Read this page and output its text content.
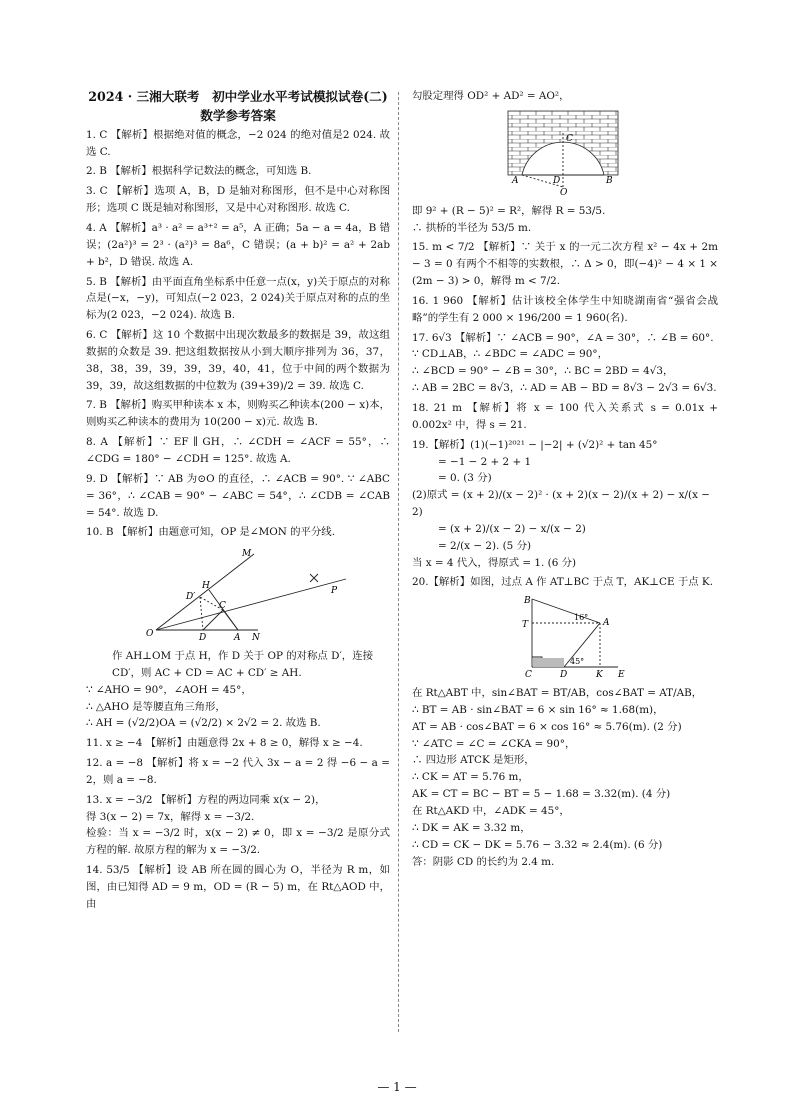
2024 · 三湘大联考　初中学业水平考试模拟试卷(二)
数学参考答案

1. C 【解析】根据绝对值的概念，−2 024 的绝对值是2 024. 故选 C.

2. B 【解析】根据科学记数法的概念，可知选 B.

3. C 【解析】选项 A，B，D 是轴对称图形，但不是中心对称图形；选项 C 既是轴对称图形，又是中心对称图形. 故选 C.

4. A 【解析】a³ · a² = a³⁺² = a⁵，A 正确；5a − a = 4a，B 错误；(2a²)³ = 2³ · (a²)³ = 8a⁶，C 错误；(a + b)² = a² + 2ab + b²，D 错误. 故选 A.

5. B 【解析】由平面直角坐标系中任意一点(x，y)关于原点的对称点是(−x，−y)，可知点(−2 023，2 024)关于原点对称的点的坐标为(2 023，−2 024). 故选 B.

6. C 【解析】这 10 个数据中出现次数最多的数据是 39，故这组数据的众数是 39. 把这组数据按从小到大顺序排列为 36，37，38，38，39，39，39，39，40，41，位于中间的两个数据为 39，39，故这组数据的中位数为 (39+39)/2 = 39. 故选 C.

7. B 【解析】购买甲种读本 x 本，则购买乙种读本(200 − x)本，则购买乙种读本的费用为 10(200 − x)元. 故选 B.

8. A 【解析】∵ EF ∥ GH，∴ ∠CDH = ∠ACF = 55°，∴ ∠CDG = 180° − ∠CDH = 125°. 故选 A.

9. D 【解析】∵ AB 为⊙O 的直径，∴ ∠ACB = 90°. ∵ ∠ABC = 36°，∴ ∠CAB = 90° − ∠ABC = 54°，∴ ∠CDB = ∠CAB = 54°. 故选 D.

10. B 【解析】由题意可知，OP 是∠MON 的平分线.

M
H
D′
C
P
O	D	A N

作 AH⊥OM 于点 H，作 D 关于 OP 的对称点 D′，连接 CD′，则 AC + CD = AC + CD′ ≥ AH.

∵ ∠AHO = 90°，∠AOH = 45°，

∴ △AHO 是等腰直角三角形，

∴ AH = (√2/2)OA = (√2/2) × 2√2 = 2. 故选 B.

11. x ≥ −4 【解析】由题意得 2x + 8 ≥ 0，解得 x ≥ −4.

12. a = −8 【解析】将 x = −2 代入 3x − a = 2 得 −6 − a = 2，则 a = −8.

13. x = −3/2 【解析】方程的两边同乘 x(x − 2)，

得 3(x − 2) = 7x，解得 x = −3/2.

检验：当 x = −3/2 时，x(x − 2) ≠ 0，即 x = −3/2 是原分式方程的解. 故原方程的解为 x = −3/2.

14. 53/5 【解析】设 AB 所在圆的圆心为 O，半径为 R m，如图，由已知得 AD = 9 m，OD = (R − 5) m，在 Rt△AOD 中，由

勾股定理得 OD² + AD² = AO²，

C
A	D	B
O

即 9² + (R − 5)² = R²，解得 R = 53/5.

∴ 拱桥的半径为 53/5 m.

15. m < 7/2 【解析】∵ 关于 x 的一元二次方程 x² − 4x + 2m − 3 = 0 有两个不相等的实数根，∴ Δ > 0，即(−4)² − 4 × 1 × (2m − 3) > 0，解得 m < 7/2.

16. 1 960 【解析】估计该校全体学生中知晓湖南省“强省会战略”的学生有 2 000 × 196/200 = 1 960(名).

17. 6√3 【解析】∵ ∠ACB = 90°，∠A = 30°，∴ ∠B = 60°.

∵ CD⊥AB，∴ ∠BDC = ∠ADC = 90°，

∴ ∠BCD = 90° − ∠B = 30°，∴ BC = 2BD = 4√3，

∴ AB = 2BC = 8√3，∴ AD = AB − BD = 8√3 − 2√3 = 6√3.

18. 21 m 【解析】将 x = 100 代入关系式 s = 0.01x + 0.002x² 中，得 s = 21.

19.【解析】(1)(−1)²⁰²¹ − |−2| + (√2)² + tan 45°

= −1 − 2 + 2 + 1

= 0. (3 分)

(2)原式 = (x + 2)/(x − 2)² · (x + 2)(x − 2)/(x + 2) − x/(x − 2)

= (x + 2)/(x − 2) − x/(x − 2)

= 2/(x − 2). (5 分)

当 x = 4 代入，得原式 = 1. (6 分)

20.【解析】如图，过点 A 作 AT⊥BC 于点 T，AK⊥CE 于点 K.

B
T	A
C	D	K E
16°
45°

在 Rt△ABT 中，sin∠BAT = BT/AB，cos∠BAT = AT/AB，

∴ BT = AB · sin∠BAT = 6 × sin 16° ≈ 1.68(m)，

AT = AB · cos∠BAT = 6 × cos 16° ≈ 5.76(m). (2 分)

∵ ∠ATC = ∠C = ∠CKA = 90°，

∴ 四边形 ATCK 是矩形，

∴ CK = AT = 5.76 m，

AK = CT = BC − BT = 5 − 1.68 = 3.32(m). (4 分)

在 Rt△AKD 中，∠ADK = 45°，

∴ DK = AK = 3.32 m，

∴ CD = CK − DK = 5.76 − 3.32 ≈ 2.4(m). (6 分)

答：阴影 CD 的长约为 2.4 m.

— 1 —
